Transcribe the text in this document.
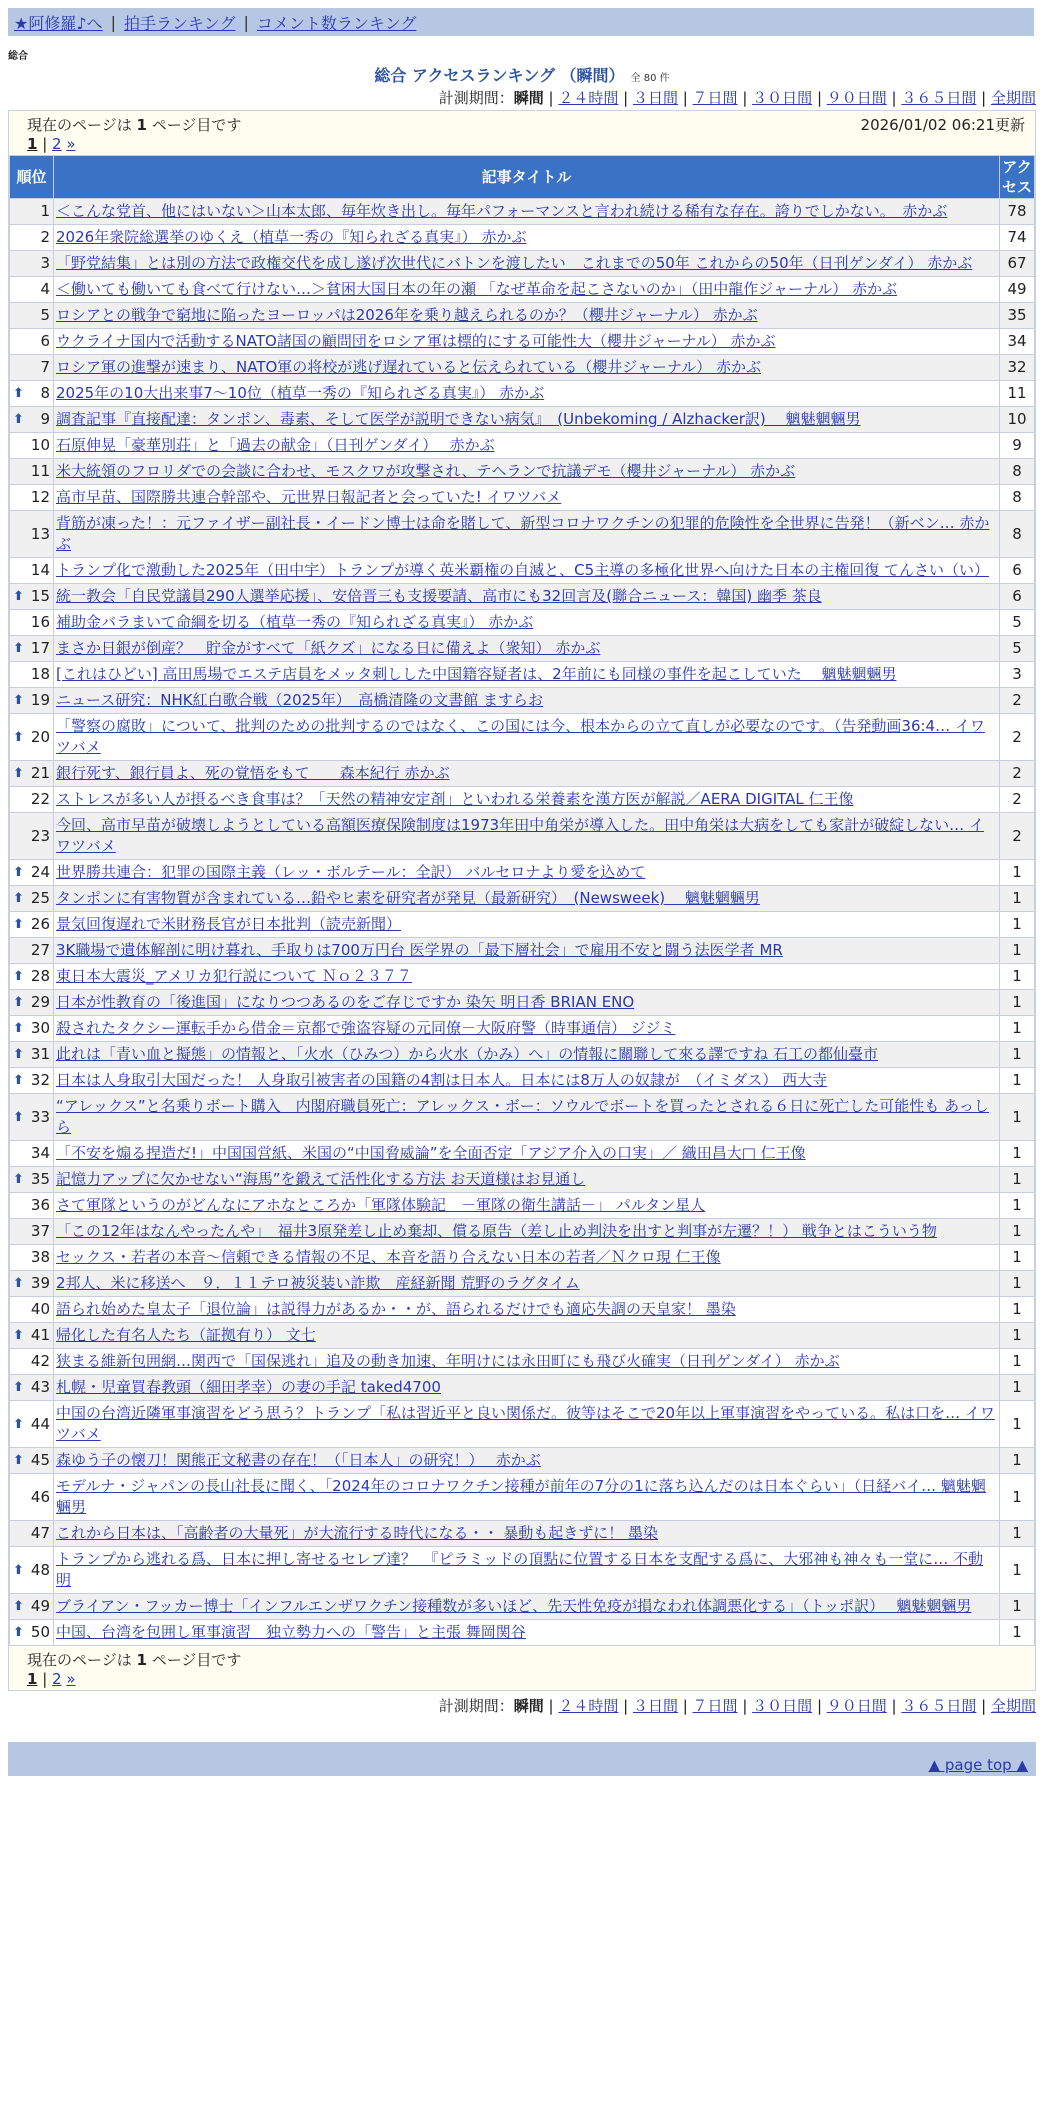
★阿修羅♪へ | 拍手ランキング | コメント数ランキング
総合
総合 アクセスランキング （瞬間） 全 80 件
計測期間：瞬間 | ２４時間 | ３日間 | ７日間 | ３０日間 | ９０日間 | ３６５日間 | 全期間
現在のページは 1 ページ目です	2026/01/02 06:21更新
1 | 2 »
順位	記事タイトル	アクセス
1	＜こんな党首、他にはいない＞山本太郎、毎年炊き出し。毎年パフォーマンスと言われ続ける稀有な存在。誇りでしかない。　赤かぶ	78
2	2026年衆院総選挙のゆくえ（植草一秀の『知られざる真実』） 赤かぶ	74
3	「野党結集」とは別の方法で政権交代を成し遂げ次世代にバトンを渡したい　これまでの50年 これからの50年（日刊ゲンダイ） 赤かぶ	67
4	＜働いても働いても食べて行けない…＞貧困大国日本の年の瀬 「なぜ革命を起こさないのか」（田中龍作ジャーナル） 赤かぶ	49
5	ロシアとの戦争で窮地に陥ったヨーロッパは2026年を乗り越えられるのか？（櫻井ジャーナル） 赤かぶ	35
6	ウクライナ国内で活動するNATO諸国の顧問団をロシア軍は標的にする可能性大（櫻井ジャーナル） 赤かぶ	34
7	ロシア軍の進撃が速まり、NATO軍の将校が逃げ遅れていると伝えられている（櫻井ジャーナル） 赤かぶ	32

⬆ 8	2025年の10大出来事7～10位（植草一秀の『知られざる真実』） 赤かぶ	11

⬆ 9	調査記事『直接配達：タンポン、毒素、そして医学が説明できない病気』　(Unbekoming / Alzhacker訳)　 魑魅魍魎男	10
10	石原伸晃「豪華別荘」と「過去の献金」（日刊ゲンダイ）　 赤かぶ	9
11	米大統領のフロリダでの会談に合わせ、モスクワが攻撃され、テヘランで抗議デモ（櫻井ジャーナル） 赤かぶ	8
12	高市早苗、国際勝共連合幹部や、元世界日報記者と会っていた! イワツバメ	8
13	背筋が凍った！：元ファイザー副社長・イードン博士は命を賭して、新型コロナワクチンの犯罪的危険性を全世界に告発！（新ベン… 赤かぶ	8
14	トランプ化で激動した2025年（田中宇）トランプが導く英米覇権の自滅と、C5主導の多極化世界へ向けた日本の主権回復 てんさい（い）	6

⬆ 15	統一教会「自民党議員290人選挙応援」、安倍晋三も支援要請、高市にも32回言及(聯合ニュース：韓国) 幽季 茶良	6
16	補助金バラまいて命綱を切る（植草一秀の『知られざる真実』） 赤かぶ	5

⬆ 17	まさか日銀が倒産？　貯金がすべて「紙クズ」になる日に備えよ（衆知） 赤かぶ	5
18	[これはひどい] 高田馬場でエステ店員をメッタ刺しした中国籍容疑者は、2年前にも同様の事件を起こしていた　 魑魅魍魎男	3

⬆ 19	ニュース研究：NHK紅白歌合戦（2025年）　高橋清隆の文書館 ますらお	2

⬆ 20	「警察の腐敗」について、批判のための批判するのではなく、この国には今、根本からの立て直しが必要なのです。（告発動画36:4… イワツバメ	2

⬆ 21	銀行死す、銀行員よ、死の覚悟をもて　　森本紀行 赤かぶ	2
22	ストレスが多い人が摂るべき食事は？「天然の精神安定剤」といわれる栄養素を漢方医が解説／AERA DIGITAL 仁王像	2
23	今回、高市早苗が破壊しようとしている高額医療保険制度は1973年田中角栄が導入した。田中角栄は大病をしても家計が破綻しない… イワツバメ	2

⬆ 24	世界勝共連合：犯罪の国際主義（レッ・ボルテール：全訳） バルセロナより愛を込めて	1

⬆ 25	タンポンに有害物質が含まれている…鉛やヒ素を研究者が発見（最新研究）　(Newsweek)　 魑魅魍魎男	1

⬆ 26	景気回復遅れで米財務長官が日本批判（読売新聞）	1
27	3K職場で遺体解剖に明け暮れ、手取りは700万円台 医学界の「最下層社会」で雇用不安と闘う法医学者 MR	1

⬆ 28	東日本大震災_アメリカ犯行説について Ｎｏ２３７７	1

⬆ 29	日本が性教育の「後進国」になりつつあるのをご存じですか 染矢 明日香 BRIAN ENO	1

⬆ 30	殺されたタクシー運転手から借金＝京都で強盗容疑の元同僚－大阪府警（時事通信） ジジミ	1

⬆ 31	此れは「青い血と擬態」の情報と、「火水（ひみつ）から火水（かみ）へ」の情報に關聯して來る譯ですね 石工の都仙臺市	1

⬆ 32	日本は人身取引大国だった！ 人身取引被害者の国籍の4割は日本人。日本には8万人の奴隷が　（イミダス） 西大寺	1

⬆ 33	“アレックス”と名乗りボート購入　内閣府職員死亡：アレックス・ボー：ソウルでボートを買ったとされる６日に死亡した可能性も あっしら	1
34	「不安を煽る捏造だ!」中国国営紙、米国の“中国脅威論”を全面否定「アジア介入の口実」／ 織田昌大□ 仁王像	1

⬆ 35	記憶力アップに欠かせない“海馬”を鍛えて活性化する方法 お天道様はお見通し	1
36	さて軍隊というのがどんなにアホなところか「軍隊体験記　－軍隊の衛生講話－」 パルタン星人	1
37	「この12年はなんやったんや」　福井3原発差し止め棄却、償る原告（差し止め判決を出すと判事が左遷？！） 戦争とはこういう物	1
38	セックス・若者の本音〜信頼できる情報の不足、本音を語り合えない日本の若者／Ｎクロ現 仁王像	1

⬆ 39	2邦人、米に移送へ　９．１１テロ被災装い詐欺　産経新聞 荒野のラグタイム	1
40	語られ始めた皇太子「退位論」は説得力があるか・・が、語られるだけでも適応失調の天皇家！ 墨染	1

⬆ 41	帰化した有名人たち（証拠有り） 文七	1
42	狭まる維新包囲網…関西で「国保逃れ」追及の動き加速、年明けには永田町にも飛び火確実（日刊ゲンダイ） 赤かぶ	1

⬆ 43	札幌・児童買春教頭（細田孝幸）の妻の手記 taked4700	1

⬆ 44	中国の台湾近隣軍事演習をどう思う？トランプ「私は習近平と良い関係だ。彼等はそこで20年以上軍事演習をやっている。私は口を… イワツバメ	1

⬆ 45	森ゆう子の懐刀！関熊正文秘書の存在！（「日本人」の研究！）　 赤かぶ	1
46	モデルナ・ジャパンの長山社長に聞く、「2024年のコロナワクチン接種が前年の7分の1に落ち込んだのは日本ぐらい」（日経バイ… 魑魅魍魎男	1
47	これから日本は、「高齢者の大量死」が大流行する時代になる・・ 暴動も起きずに！ 墨染	1

⬆ 48	トランプから逃れる爲、日本に押し寄せるセレブ達？　『ピラミッドの頂點に位置する日本を支配する爲に、大邪神も神々も一堂に… 不動明	1

⬆ 49	ブライアン・フッカー博士「インフルエンザワクチン接種数が多いほど、先天性免疫が損なわれ体調悪化する」（トッポ訳）　 魑魅魍魎男	1

⬆ 50	中国、台湾を包囲し軍事演習　独立勢力への「警告」と主張 舞岡関谷	1
現在のページは 1 ページ目です
1 | 2 »
計測期間：瞬間 | ２４時間 | ３日間 | ７日間 | ３０日間 | ９０日間 | ３６５日間 | 全期間
▲ page top ▲
